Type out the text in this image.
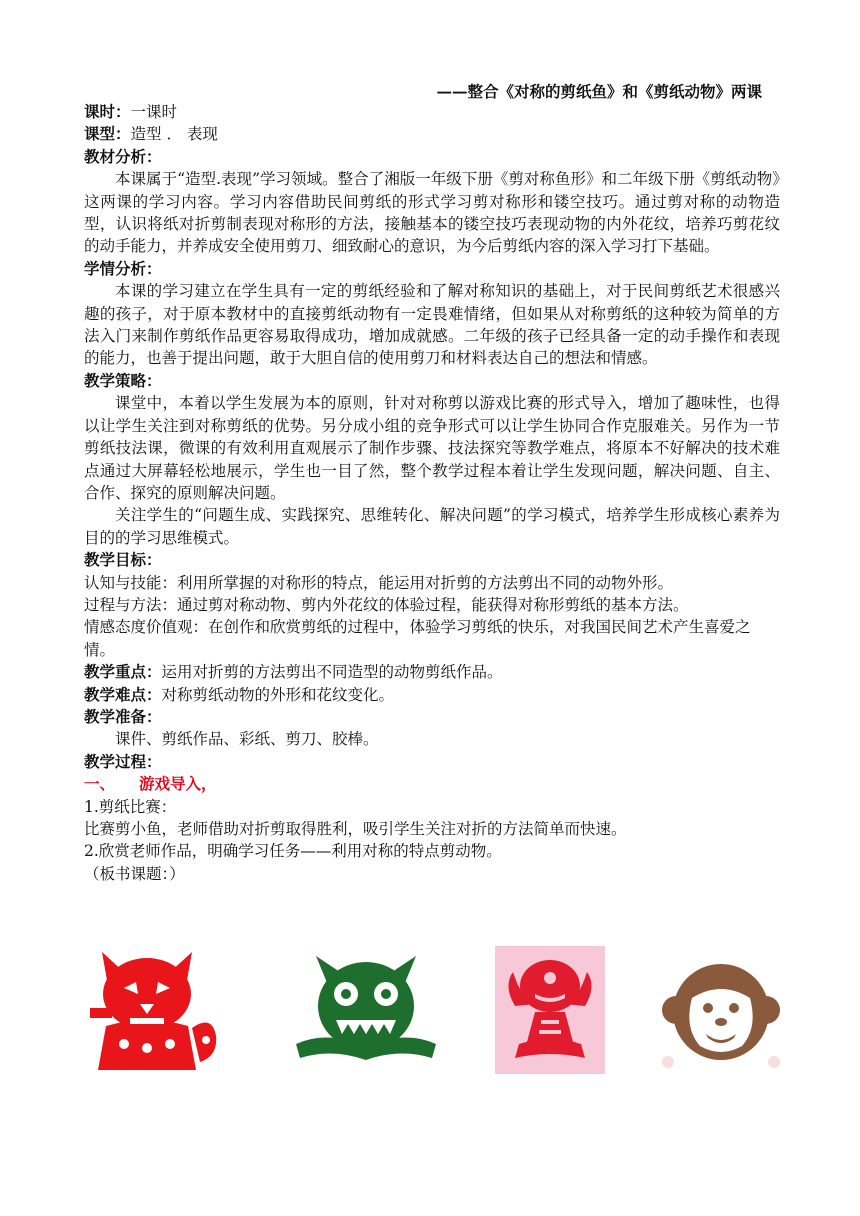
——整合《对称的剪纸鱼》和《剪纸动物》两课

课时：一课时

课型：造型 ． 表现

教材分析：

本课属于“造型.表现”学习领域。整合了湘版一年级下册《剪对称鱼形》和二年级下册《剪纸动物》这两课的学习内容。学习内容借助民间剪纸的形式学习剪对称形和镂空技巧。通过剪对称的动物造型，认识将纸对折剪制表现对称形的方法，接触基本的镂空技巧表现动物的内外花纹，培养巧剪花纹的动手能力，并养成安全使用剪刀、细致耐心的意识，为今后剪纸内容的深入学习打下基础。

学情分析：

本课的学习建立在学生具有一定的剪纸经验和了解对称知识的基础上，对于民间剪纸艺术很感兴趣的孩子，对于原本教材中的直接剪纸动物有一定畏难情绪，但如果从对称剪纸的这种较为简单的方法入门来制作剪纸作品更容易取得成功，增加成就感。二年级的孩子已经具备一定的动手操作和表现的能力，也善于提出问题，敢于大胆自信的使用剪刀和材料表达自己的想法和情感。

教学策略：

课堂中，本着以学生发展为本的原则，针对对称剪以游戏比赛的形式导入，增加了趣味性，也得以让学生关注到对称剪纸的优势。另分成小组的竞争形式可以让学生协同合作克服难关。另作为一节剪纸技法课，微课的有效利用直观展示了制作步骤、技法探究等教学难点，将原本不好解决的技术难点通过大屏幕轻松地展示，学生也一目了然，整个教学过程本着让学生发现问题，解决问题、自主、合作、探究的原则解决问题。

关注学生的“问题生成、实践探究、思维转化、解决问题”的学习模式，培养学生形成核心素养为目的的学习思维模式。

教学目标：

认知与技能：利用所掌握的对称形的特点，能运用对折剪的方法剪出不同的动物外形。

过程与方法：通过剪对称动物、剪内外花纹的体验过程，能获得对称形剪纸的基本方法。

情感态度价值观：在创作和欣赏剪纸的过程中，体验学习剪纸的快乐，对我国民间艺术产生喜爱之情。

教学重点：运用对折剪的方法剪出不同造型的动物剪纸作品。

教学难点：对称剪纸动物的外形和花纹变化。

教学准备：

课件、剪纸作品、彩纸、剪刀、胶棒。

教学过程：

一、 游戏导入，

1.剪纸比赛：

比赛剪小鱼，老师借助对折剪取得胜利，吸引学生关注对折的方法简单而快速。

2.欣赏老师作品，明确学习任务——利用对称的特点剪动物。

（板书课题：）
